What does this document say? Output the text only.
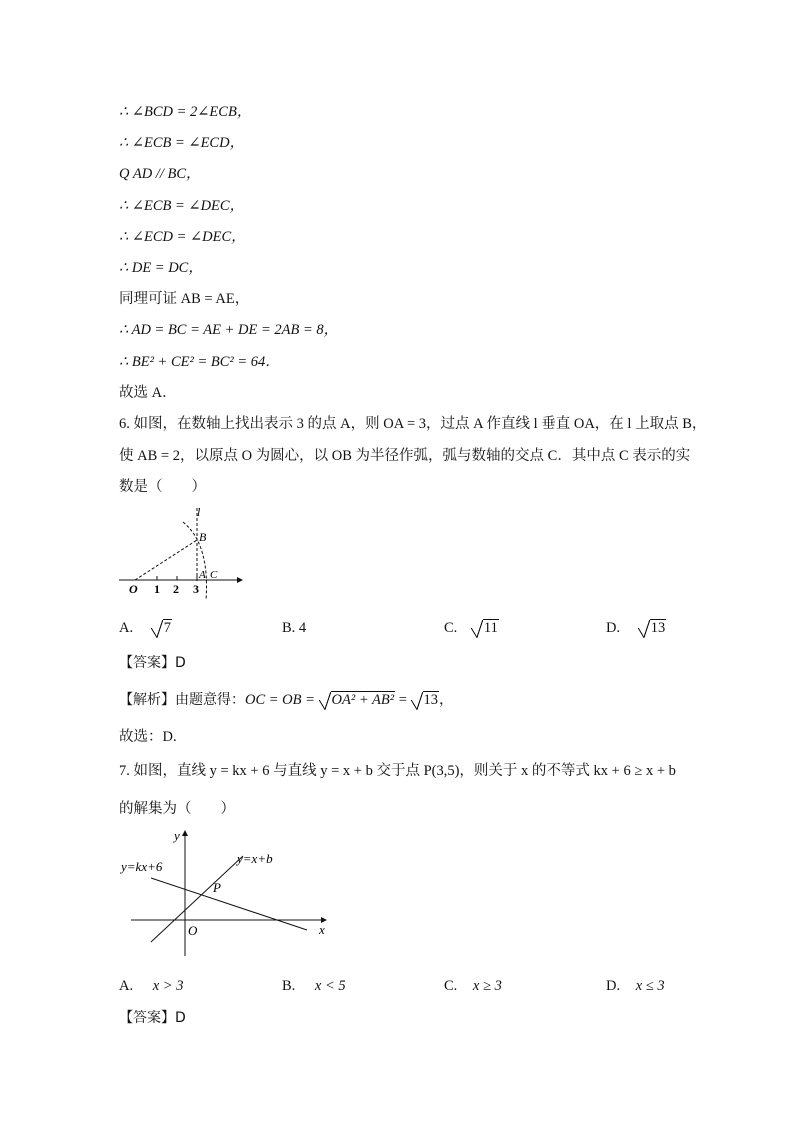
∴ ∠BCD = 2∠ECB，
∴ ∠ECB = ∠ECD，
Q AD // BC，
∴ ∠ECB = ∠DEC，
∴ ∠ECD = ∠DEC，
∴ DE = DC，
同理可证 AB = AE，
∴ AD = BC = AE + DE = 2AB = 8，
∴ BE² + CE² = BC² = 64．
故选 A．
6. 如图，在数轴上找出表示 3 的点 A，则 OA = 3，过点 A 作直线 l 垂直 OA，在 l 上取点 B，
使 AB = 2，以原点 O 为圆心，以 OB 为半径作弧，弧与数轴的交点 C．其中点 C 表示的实
数是（　　）
l
B
A C
O 1 2 3
A. 7	B. 4	C. 11	D. 13
【答案】D
【解析】由题意得：OC = OB = OA² + AB² = 13，
故选：D.
7. 如图，直线 y = kx + 6 与直线 y = x + b 交于点 P(3,5)，则关于 x 的不等式 kx + 6 ≥ x + b
的解集为（　　）
y
x
O
P
y=kx+6
y=x+b
A. x > 3	B. x < 5	C. x ≥ 3	D. x ≤ 3
【答案】D
